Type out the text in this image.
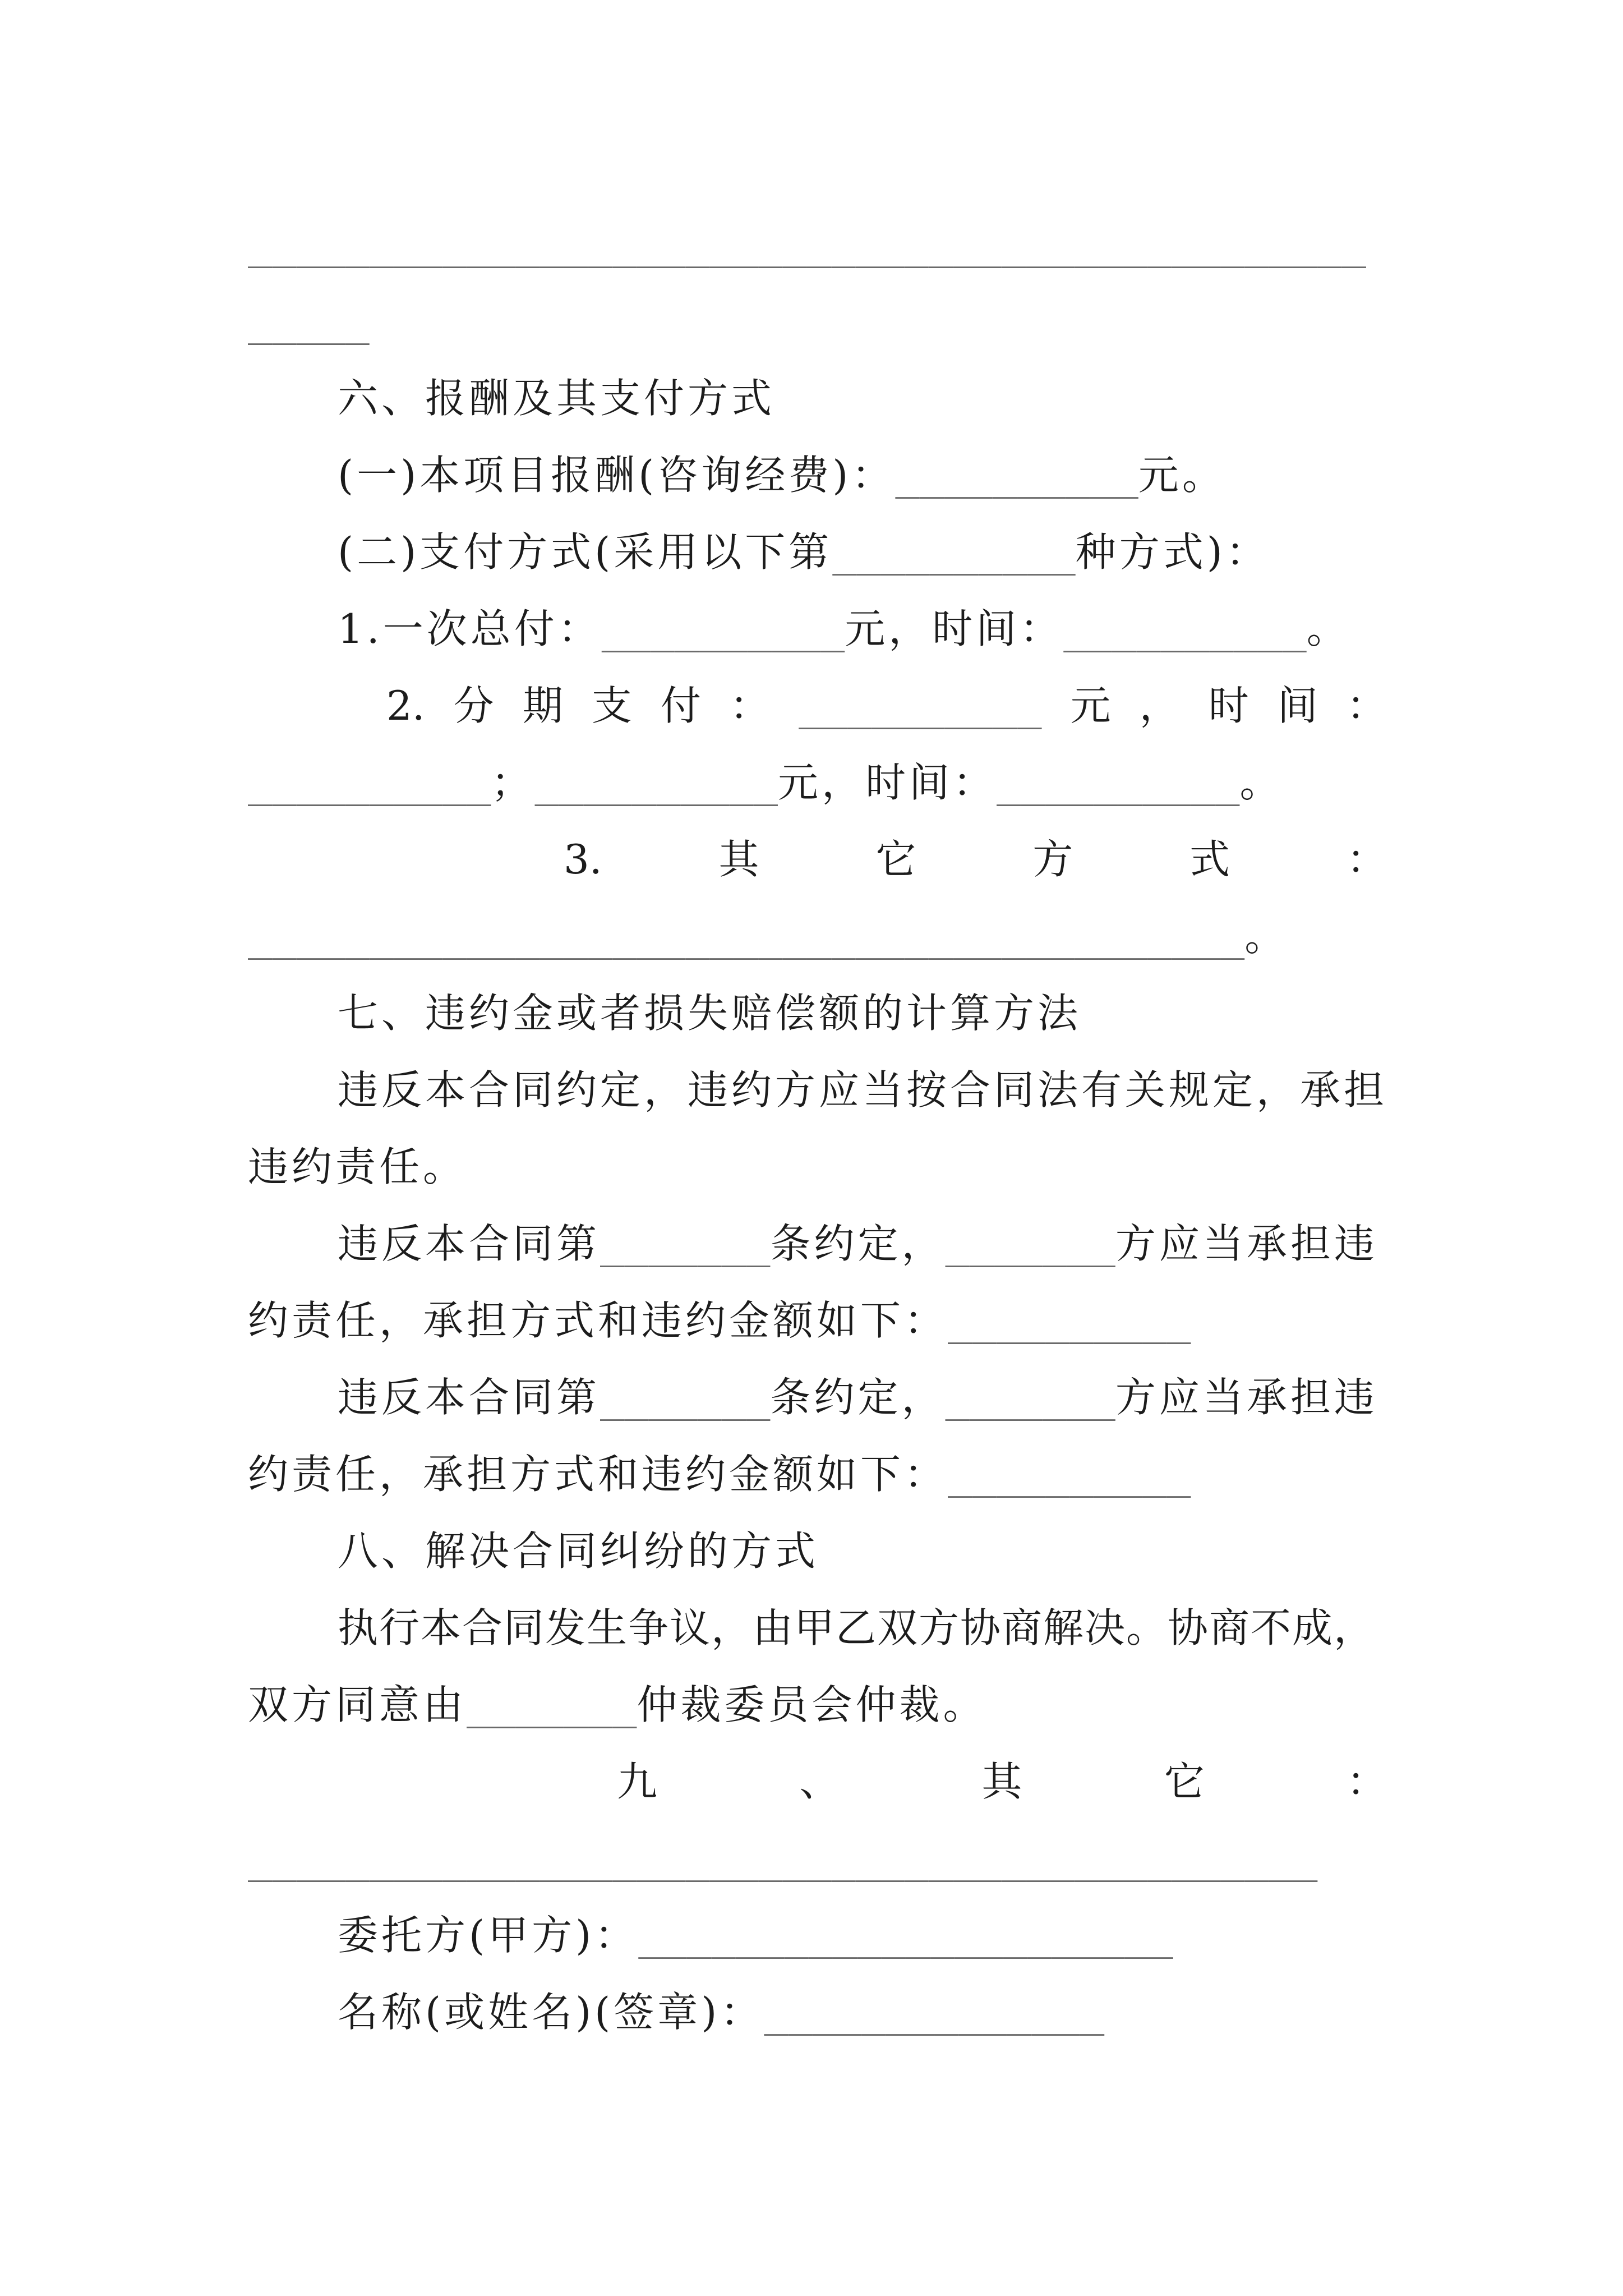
______________________________________________
_____
六、报酬及其支付方式
(一)本项目报酬(咨询经费)：__________元。
(二)支付方式(采用以下第__________种方式)：
1.一次总付：__________元，时间：__________。
2. 分 期 支 付 ： __________ 元 ， 时 间 ：
__________；__________元，时间：__________。
3.	其	它	方	式	：
_________________________________________。
七、违约金或者损失赔偿额的计算方法
违反本合同约定，违约方应当按合同法有关规定，承担
违约责任。
违反本合同第_______条约定，_______方应当承担违
约责任，承担方式和违约金额如下：__________
违反本合同第_______条约定，_______方应当承担违
约责任，承担方式和违约金额如下：__________
八、解决合同纠纷的方式
执行本合同发生争议，由甲乙双方协商解决。协商不成，
双方同意由_______仲裁委员会仲裁。
九	、	其	它	：
____________________________________________
委托方(甲方)：______________________
名称(或姓名)(签章)：______________
